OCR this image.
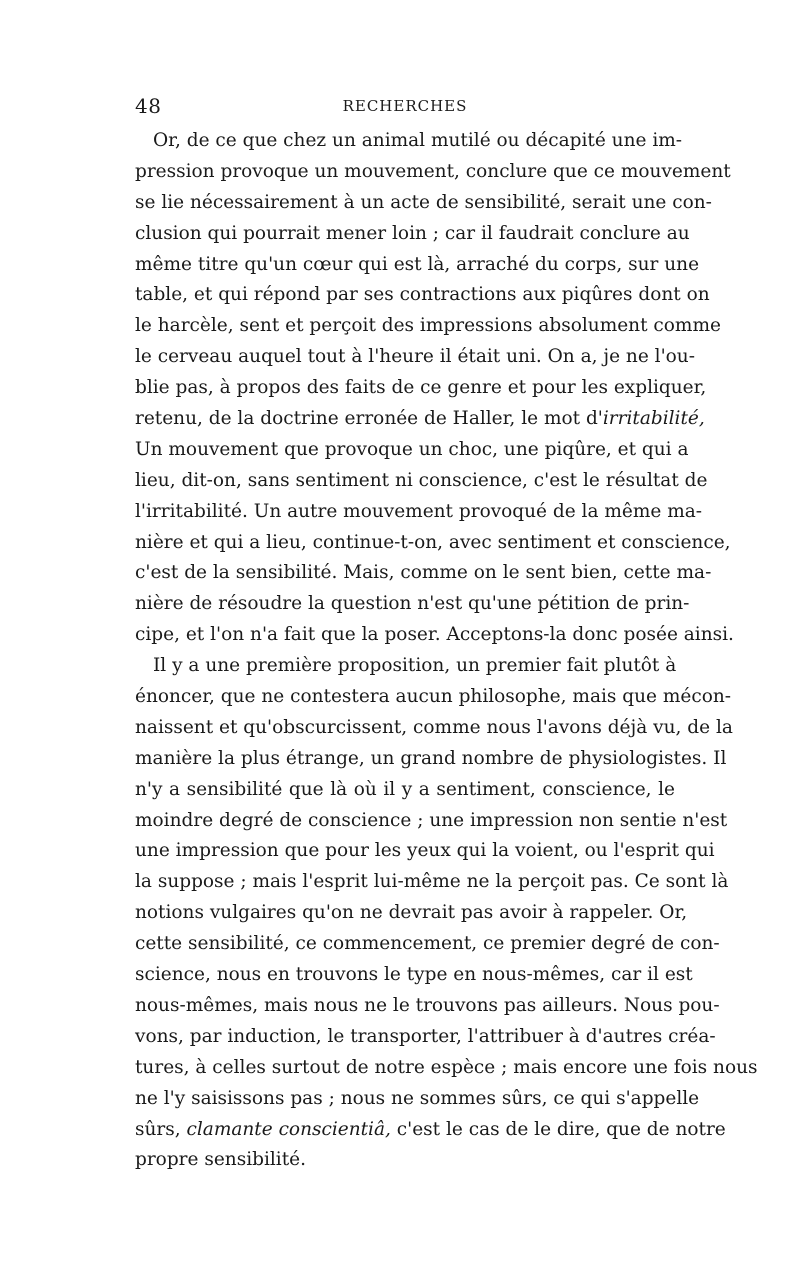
48	RECHERCHES
Or, de ce que chez un animal mutilé ou décapité une im-
pression provoque un mouvement, conclure que ce mouvement
se lie nécessairement à un acte de sensibilité, serait une con-
clusion qui pourrait mener loin ; car il faudrait conclure au
même titre qu'un cœur qui est là, arraché du corps, sur une
table, et qui répond par ses contractions aux piqûres dont on
le harcèle, sent et perçoit des impressions absolument comme
le cerveau auquel tout à l'heure il était uni. On a, je ne l'ou-
blie pas, à propos des faits de ce genre et pour les expliquer,
retenu, de la doctrine erronée de Haller, le mot d'irritabilité,
Un mouvement que provoque un choc, une piqûre, et qui a
lieu, dit-on, sans sentiment ni conscience, c'est le résultat de
l'irritabilité. Un autre mouvement provoqué de la même ma-
nière et qui a lieu, continue-t-on, avec sentiment et conscience,
c'est de la sensibilité. Mais, comme on le sent bien, cette ma-
nière de résoudre la question n'est qu'une pétition de prin-
cipe, et l'on n'a fait que la poser. Acceptons-la donc posée ainsi.
Il y a une première proposition, un premier fait plutôt à
énoncer, que ne contestera aucun philosophe, mais que mécon-
naissent et qu'obscurcissent, comme nous l'avons déjà vu, de la
manière la plus étrange, un grand nombre de physiologistes. Il
n'y a sensibilité que là où il y a sentiment, conscience, le
moindre degré de conscience ; une impression non sentie n'est
une impression que pour les yeux qui la voient, ou l'esprit qui
la suppose ; mais l'esprit lui-même ne la perçoit pas. Ce sont là
notions vulgaires qu'on ne devrait pas avoir à rappeler. Or,
cette sensibilité, ce commencement, ce premier degré de con-
science, nous en trouvons le type en nous-mêmes, car il est
nous-mêmes, mais nous ne le trouvons pas ailleurs. Nous pou-
vons, par induction, le transporter, l'attribuer à d'autres créa-
tures, à celles surtout de notre espèce ; mais encore une fois nous
ne l'y saisissons pas ; nous ne sommes sûrs, ce qui s'appelle
sûrs, clamante conscientiâ, c'est le cas de le dire, que de notre
propre sensibilité.
